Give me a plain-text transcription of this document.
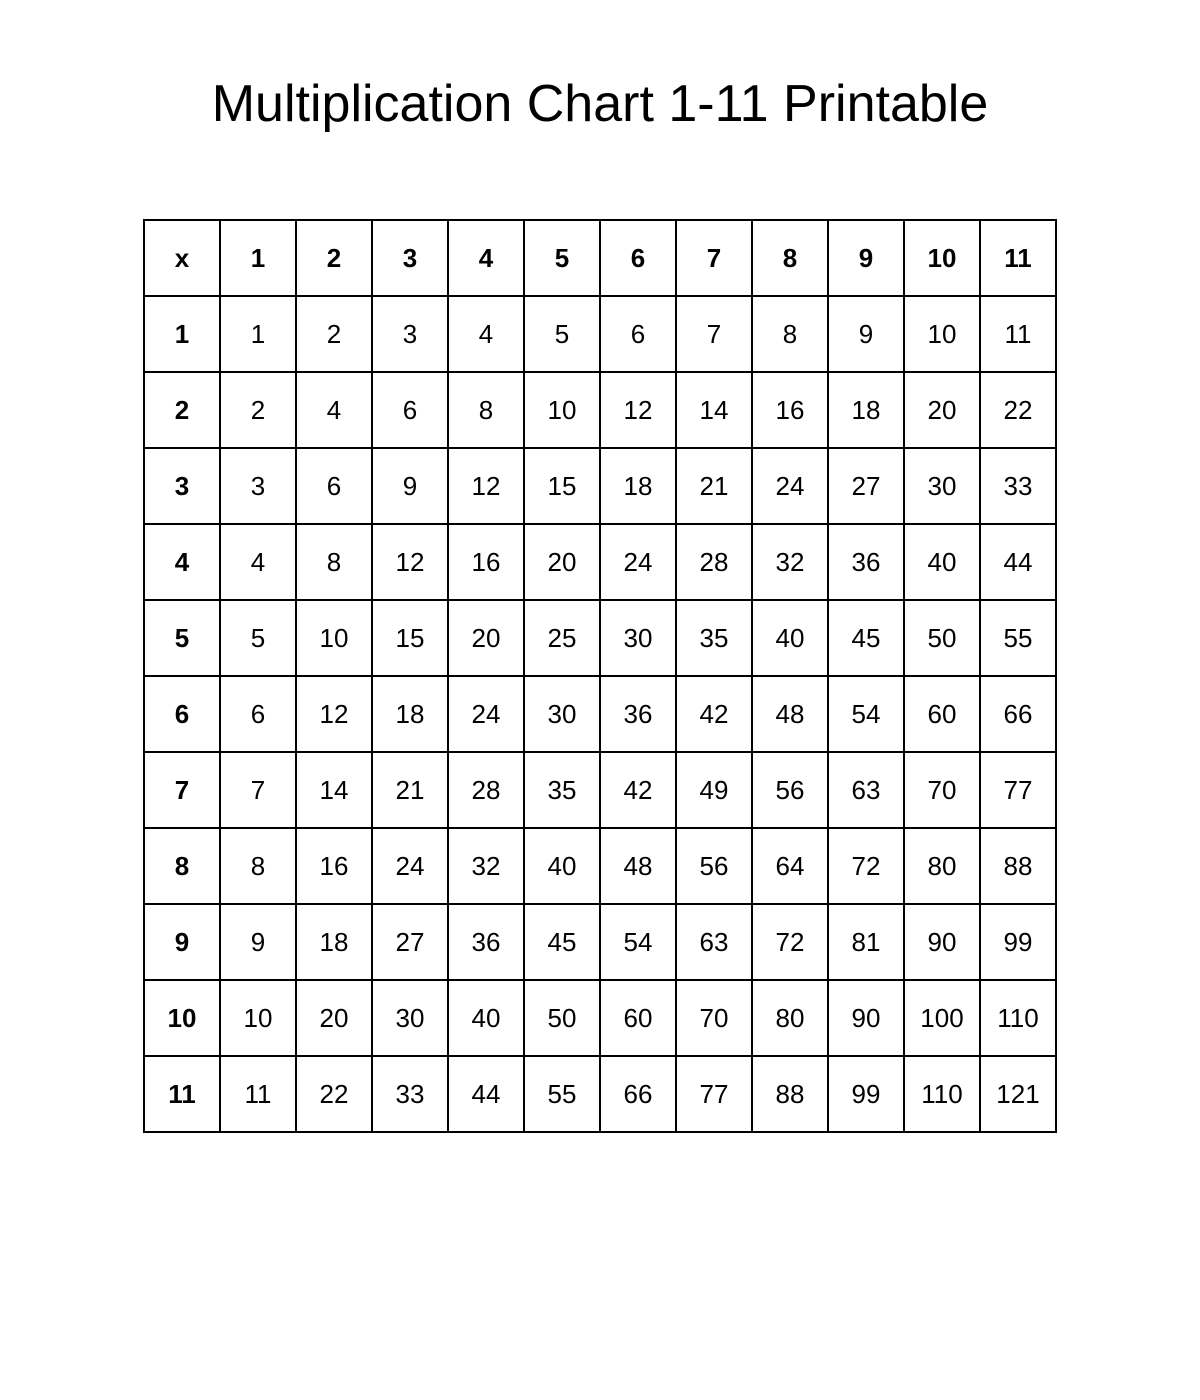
Multiplication Chart 1-11 Printable
x	1	2	3	4	5	6	7	8	9	10	11
1	1	2	3	4	5	6	7	8	9	10	11
2	2	4	6	8	10	12	14	16	18	20	22
3	3	6	9	12	15	18	21	24	27	30	33
4	4	8	12	16	20	24	28	32	36	40	44
5	5	10	15	20	25	30	35	40	45	50	55
6	6	12	18	24	30	36	42	48	54	60	66
7	7	14	21	28	35	42	49	56	63	70	77
8	8	16	24	32	40	48	56	64	72	80	88
9	9	18	27	36	45	54	63	72	81	90	99
10	10	20	30	40	50	60	70	80	90	100	110
11	11	22	33	44	55	66	77	88	99	110	121
